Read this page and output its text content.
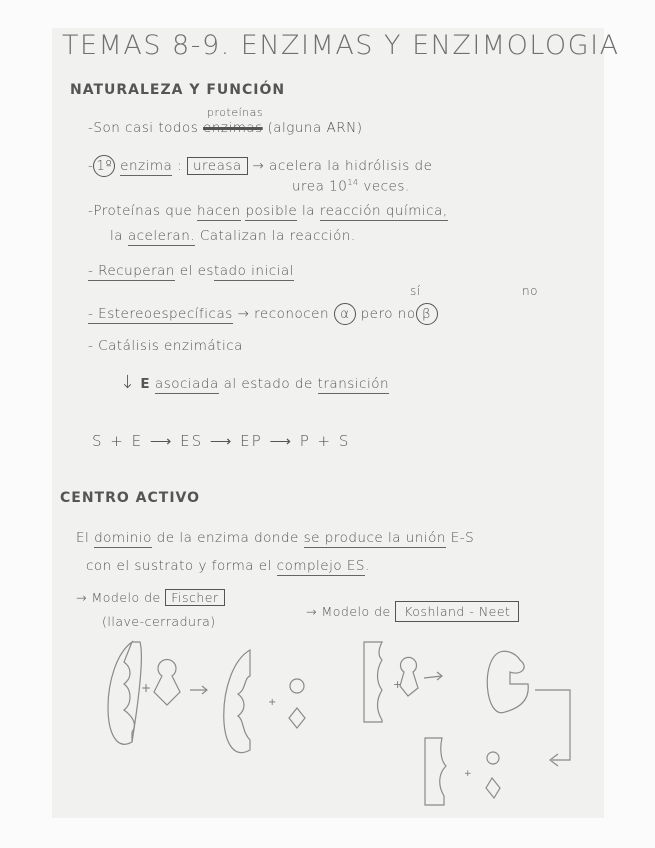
TEMAS 8-9. ENZIMAS Y ENZIMOLOGIA
NATURALEZA Y FUNCIÓN
-Son casi todos
proteínas
enzimas (alguna ARN)
- 1º enzima : ureasa → acelera la hidrólisis de
urea $10^{14}$ veces.
-Proteínas que hacen posible la reacción química,
la aceleran. Catalizan la reacción.
- Recuperan el estado inicial
sí	no
- Estereoespecíficas → reconocen α pero no β
- Catálisis enzimática
↓ E asociada al estado de transición
S + E ⟶ ES ⟶ EP ⟶ P + S
CENTRO ACTIVO
El dominio de la enzima donde se produce la unión E-S
con el sustrato y forma el complejo ES.
→ Modelo de Fischer
(llave-cerradura)
→ Modelo de Koshland - Neet
+
+
+
+
